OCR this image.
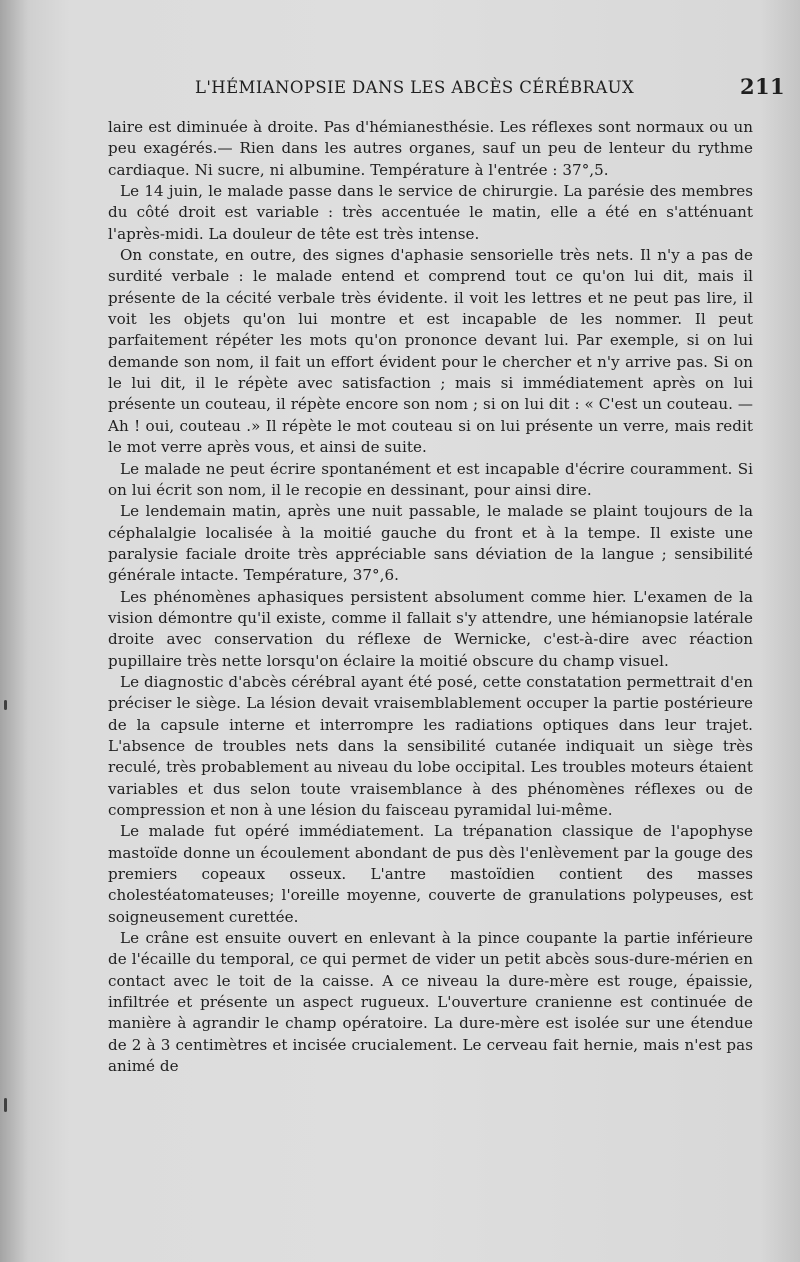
L'HÉMIANOPSIE DANS LES ABCÈS CÉRÉBRAUX	211

laire est diminuée à droite. Pas d'hémianesthésie. Les réflexes sont normaux ou un peu exagérés.— Rien dans les autres organes, sauf un peu de lenteur du rythme cardiaque. Ni sucre, ni albumine. Température à l'entrée : 37°,5.

Le 14 juin, le malade passe dans le service de chirurgie. La parésie des membres du côté droit est variable : très accentuée le matin, elle a été en s'atténuant l'après-midi. La douleur de tête est très intense.

On constate, en outre, des signes d'aphasie sensorielle très nets. Il n'y a pas de surdité verbale : le malade entend et comprend tout ce qu'on lui dit, mais il présente de la cécité verbale très évidente. il voit les lettres et ne peut pas lire, il voit les objets qu'on lui montre et est incapable de les nommer. Il peut parfaitement répéter les mots qu'on prononce devant lui. Par exemple, si on lui demande son nom, il fait un effort évident pour le chercher et n'y arrive pas. Si on le lui dit, il le répète avec satisfaction ; mais si immédiatement après on lui présente un couteau, il répète encore son nom ; si on lui dit : « C'est un couteau. — Ah ! oui, couteau .» Il répète le mot couteau si on lui présente un verre, mais redit le mot verre après vous, et ainsi de suite.

Le malade ne peut écrire spontanément et est incapable d'écrire couramment. Si on lui écrit son nom, il le recopie en dessinant, pour ainsi dire.

Le lendemain matin, après une nuit passable, le malade se plaint toujours de la céphalalgie localisée à la moitié gauche du front et à la tempe. Il existe une paralysie faciale droite très appréciable sans déviation de la langue ; sensibilité générale intacte. Température, 37°,6.

Les phénomènes aphasiques persistent absolument comme hier. L'examen de la vision démontre qu'il existe, comme il fallait s'y attendre, une hémianopsie latérale droite avec conservation du réflexe de Wernicke, c'est-à-dire avec réaction pupillaire très nette lorsqu'on éclaire la moitié obscure du champ visuel.

Le diagnostic d'abcès cérébral ayant été posé, cette constatation permettrait d'en préciser le siège. La lésion devait vraisemblablement occuper la partie postérieure de la capsule interne et interrompre les radiations optiques dans leur trajet. L'absence de troubles nets dans la sensibilité cutanée indiquait un siège très reculé, très probablement au niveau du lobe occipital. Les troubles moteurs étaient variables et dus selon toute vraisemblance à des phénomènes réflexes ou de compression et non à une lésion du faisceau pyramidal lui-même.

Le malade fut opéré immédiatement. La trépanation classique de l'apophyse mastoïde donne un écoulement abondant de pus dès l'enlèvement par la gouge des premiers copeaux osseux. L'antre mastoïdien contient des masses cholestéatomateuses; l'oreille moyenne, couverte de granulations polypeuses, est soigneusement curettée.

Le crâne est ensuite ouvert en enlevant à la pince coupante la partie inférieure de l'écaille du temporal, ce qui permet de vider un petit abcès sous-dure-mérien en contact avec le toit de la caisse. A ce niveau la dure-mère est rouge, épaissie, infiltrée et présente un aspect rugueux. L'ouverture cranienne est continuée de manière à agrandir le champ opératoire. La dure-mère est isolée sur une étendue de 2 à 3 centimètres et incisée crucialement. Le cerveau fait hernie, mais n'est pas animé de
